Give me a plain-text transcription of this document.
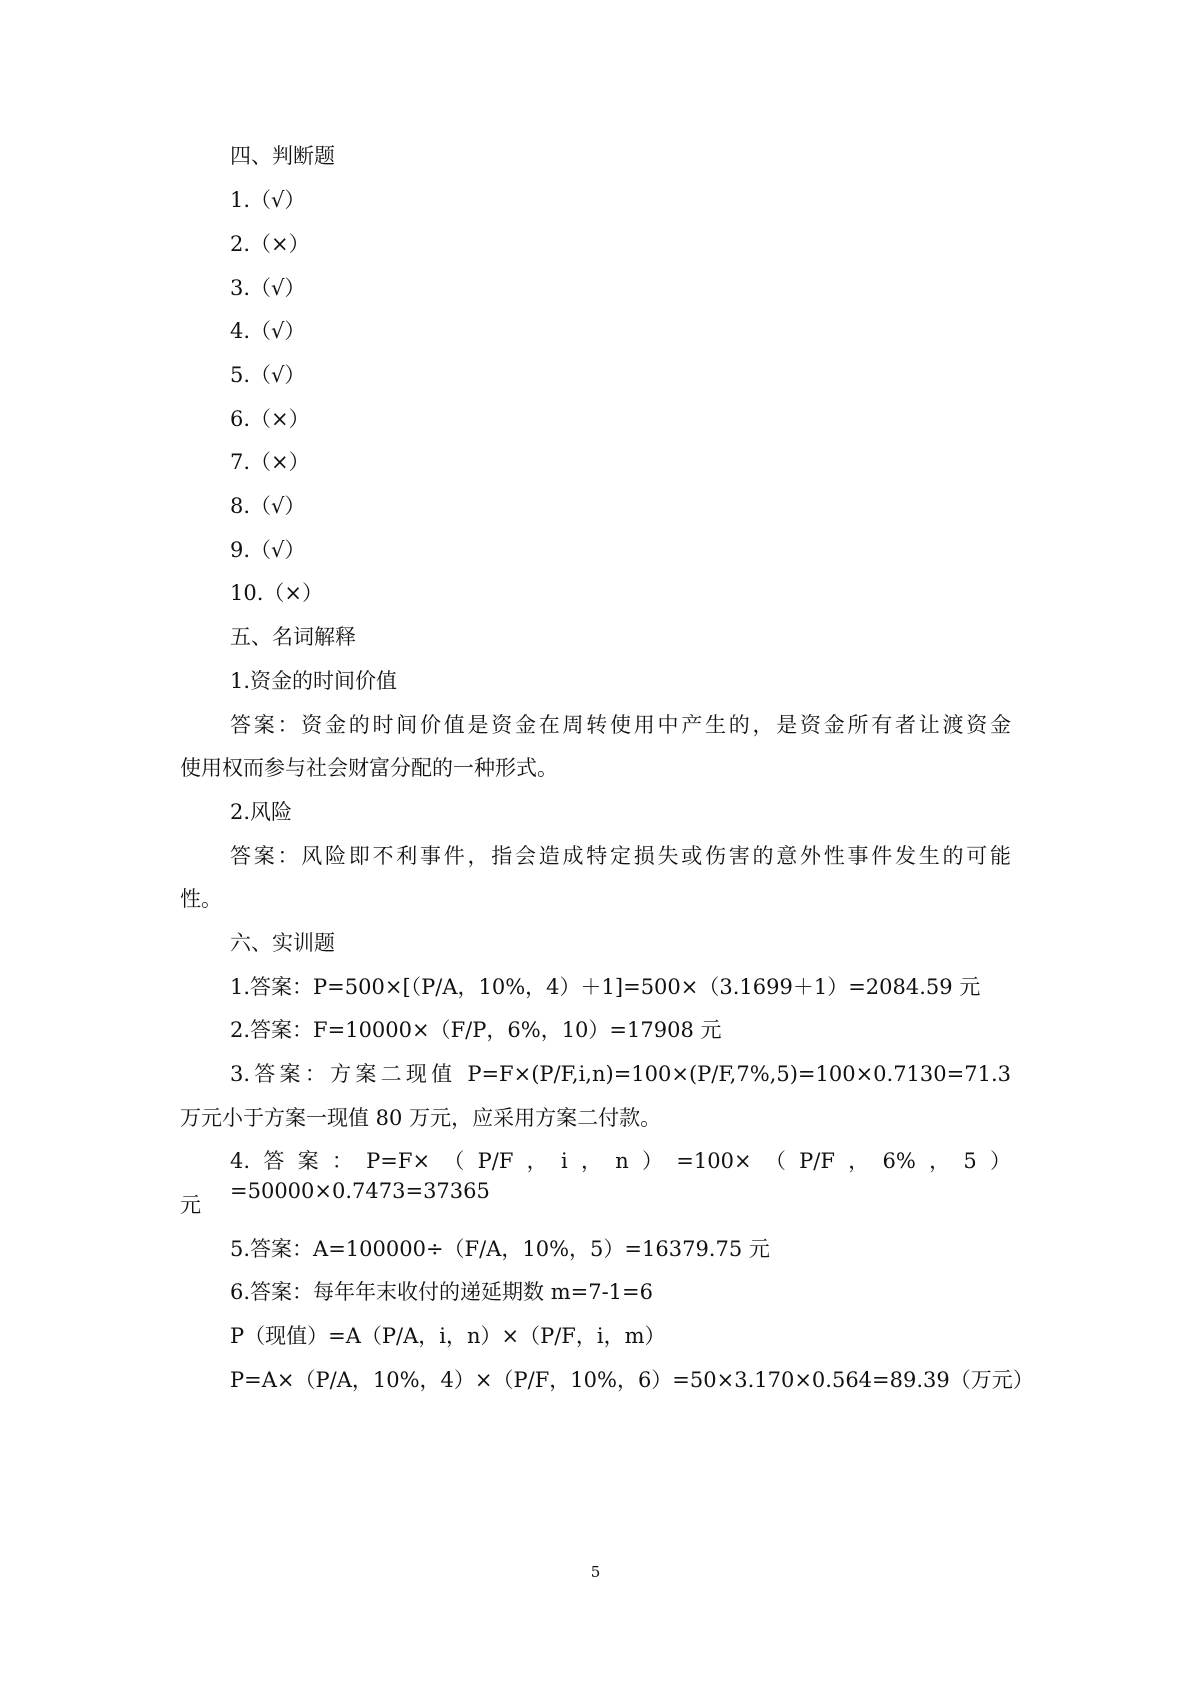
四、判断题
1.（√）
2.（×）
3.（√）
4.（√）
5.（√）
6.（×）
7.（×）
8.（√）
9.（√）
10.（×）
五、名词解释
1.资金的时间价值
答案：资金的时间价值是资金在周转使用中产生的，是资金所有者让渡资金
使用权而参与社会财富分配的一种形式。
2.风险
答案：风险即不利事件，指会造成特定损失或伤害的意外性事件发生的可能
性。
六、实训题
1.答案：P=500×[（P/A，10%，4）＋1]=500×（3.1699＋1）=2084.59 元
2.答案：F=10000×（F/P，6%，10）=17908 元
3.答案：方案二现值 P=F×(P/F,i,n)=100×(P/F,7%,5)=100×0.7130=71.3
万元小于方案一现值 80 万元，应采用方案二付款。
4.答案：P=F×（P/F，i，n）=100×（P/F，6%，5）=50000×0.7473=37365
元
5.答案：A=100000÷（F/A，10%，5）=16379.75 元
6.答案：每年年末收付的递延期数 m=7-1=6
P（现值）=A（P/A，i，n）×（P/F，i，m）
P=A×（P/A，10%，4）×（P/F，10%，6）=50×3.170×0.564=89.39（万元）
5
